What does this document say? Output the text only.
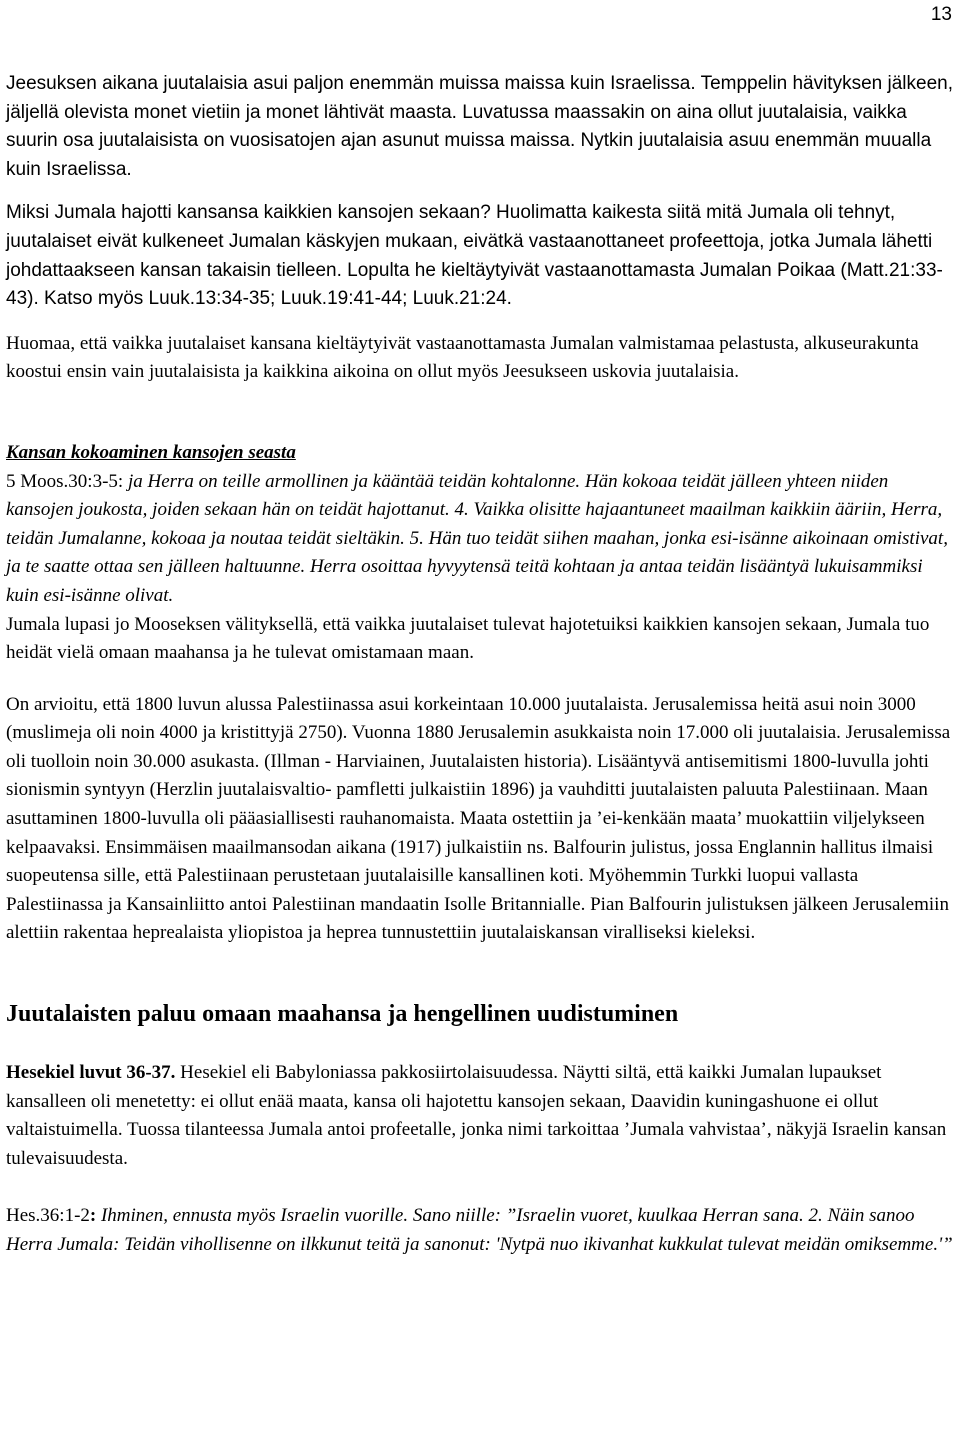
13

Jeesuksen aikana juutalaisia asui paljon enemmän muissa maissa kuin Israelissa. Temppelin hävityksen jälkeen, jäljellä olevista monet vietiin ja monet lähtivät maasta. Luvatussa maassakin on aina ollut juutalaisia, vaikka suurin osa juutalaisista on vuosisatojen ajan asunut muissa maissa. Nytkin juutalaisia asuu enemmän muualla kuin Israelissa.

Miksi Jumala hajotti kansansa kaikkien kansojen sekaan? Huolimatta kaikesta siitä mitä Jumala oli tehnyt, juutalaiset eivät kulkeneet Jumalan käskyjen mukaan, eivätkä vastaanottaneet profeettoja, jotka Jumala lähetti johdattaakseen kansan takaisin tielleen. Lopulta he kieltäytyivät vastaanottamasta Jumalan Poikaa (Matt.21:33-43). Katso myös Luuk.13:34-35; Luuk.19:41-44; Luuk.21:24.

Huomaa, että vaikka juutalaiset kansana kieltäytyivät vastaanottamasta Jumalan valmistamaa pelastusta, alkuseurakunta koostui ensin vain juutalaisista ja kaikkina aikoina on ollut myös Jeesukseen uskovia juutalaisia.

Kansan kokoaminen kansojen seasta

5 Moos.30:3-5: ja Herra on teille armollinen ja kääntää teidän kohtalonne. Hän kokoaa teidät jälleen yhteen niiden kansojen joukosta, joiden sekaan hän on teidät hajottanut. 4. Vaikka olisitte hajaantuneet maailman kaikkiin ääriin, Herra, teidän Jumalanne, kokoaa ja noutaa teidät sieltäkin. 5. Hän tuo teidät siihen maahan, jonka esi-isänne aikoinaan omistivat, ja te saatte ottaa sen jälleen haltuunne. Herra osoittaa hyvyytensä teitä kohtaan ja antaa teidän lisääntyä lukuisammiksi kuin esi-isänne olivat.

Jumala lupasi jo Mooseksen välityksellä, että vaikka juutalaiset tulevat hajotetuiksi kaikkien kansojen sekaan, Jumala tuo heidät vielä omaan maahansa ja he tulevat omistamaan maan.

On arvioitu, että 1800 luvun alussa Palestiinassa asui korkeintaan 10.000 juutalaista. Jerusalemissa heitä asui noin 3000 (muslimeja oli noin 4000 ja kristittyjä 2750). Vuonna 1880 Jerusalemin asukkaista noin 17.000 oli juutalaisia. Jerusalemissa oli tuolloin noin 30.000 asukasta. (Illman - Harviainen, Juutalaisten historia). Lisääntyvä antisemitismi 1800-luvulla johti sionismin syntyyn (Herzlin juutalaisvaltio- pamfletti julkaistiin 1896) ja vauhditti juutalaisten paluuta Palestiinaan. Maan asuttaminen 1800-luvulla oli pääasiallisesti rauhanomaista. Maata ostettiin ja ’ei-kenkään maata’ muokattiin viljelykseen kelpaavaksi. Ensimmäisen maailmansodan aikana (1917) julkaistiin ns. Balfourin julistus, jossa Englannin hallitus ilmaisi suopeutensa sille, että Palestiinaan perustetaan juutalaisille kansallinen koti. Myöhemmin Turkki luopui vallasta Palestiinassa ja Kansainliitto antoi Palestiinan mandaatin Isolle Britannialle. Pian Balfourin julistuksen jälkeen Jerusalemiin alettiin rakentaa heprealaista yliopistoa ja heprea tunnustettiin juutalaiskansan viralliseksi kieleksi.

Juutalaisten paluu omaan maahansa ja hengellinen uudistuminen

Hesekiel luvut 36-37. Hesekiel eli Babyloniassa pakkosiirtolaisuudessa. Näytti siltä, että kaikki Jumalan lupaukset kansalleen oli menetetty: ei ollut enää maata, kansa oli hajotettu kansojen sekaan, Daavidin kuningashuone ei ollut valtaistuimella. Tuossa tilanteessa Jumala antoi profeetalle, jonka nimi tarkoittaa ’Jumala vahvistaa’, näkyjä Israelin kansan tulevaisuudesta.

Hes.36:1-2: Ihminen, ennusta myös Israelin vuorille. Sano niille: ”Israelin vuoret, kuulkaa Herran sana. 2. Näin sanoo Herra Jumala: Teidän vihollisenne on ilkkunut teitä ja sanonut: 'Nytpä nuo ikivanhat kukkulat tulevat meidän omiksemme.'”
